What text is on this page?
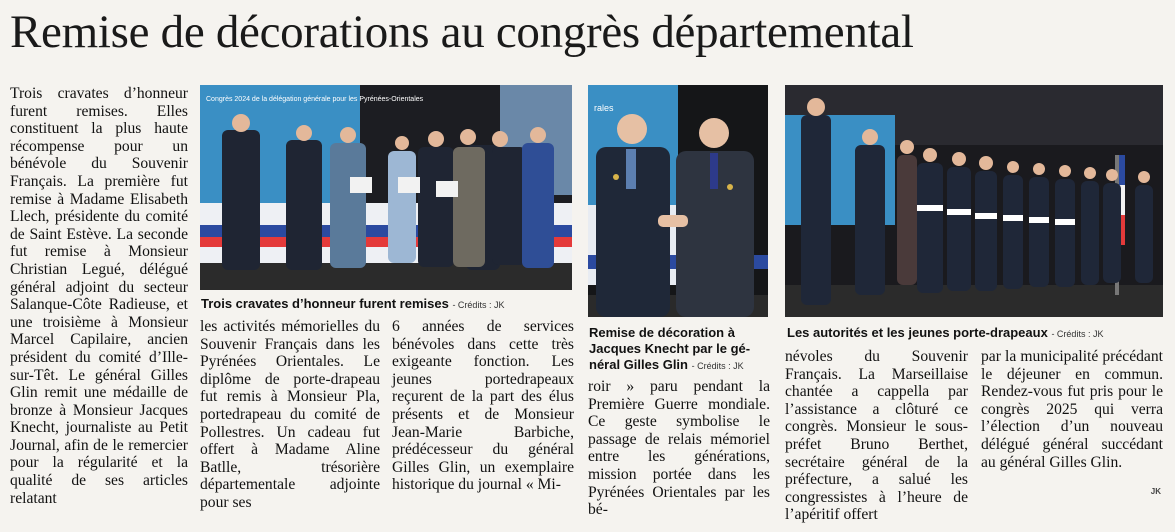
Remise de décorations au congrès départemental

Trois cravates d’honneur furent remises. Elles constituent la plus haute récompense pour un bénévole du Souvenir Français. La première fut remise à Madame Elisabeth Llech, présidente du comité de Saint Estève. La seconde fut remise à Monsieur Christian Legué, délégué général adjoint du secteur Salanque-Côte Radieuse, et une troisième à Monsieur Marcel Capilaire, ancien président du comité d’Ille-sur-Têt. Le général Gilles Glin remit une médaille de bronze à Monsieur Jacques Knecht, journaliste au Petit Journal, afin de le remercier pour la régularité et la qualité de ses articles relatant

Congrès 2024 de la délégation générale pour les Pyrénées-Orientales
Trois cravates d’honneur furent remises - Crédits : JK

les activités mémorielles du Souvenir Français dans les Pyrénées Orientales. Le diplôme de porte-drapeau fut remis à Monsieur Pla, portedrapeau du comité de Pollestres. Un cadeau fut offert à Madame Aline Batlle, trésorière départementale adjointe pour ses

6 années de services bénévoles dans cette très exigeante fonction. Les jeunes portedrapeaux reçurent de la part des élus présents et de Monsieur Jean-Marie Barbiche, prédécesseur du général Gilles Glin, un exemplaire historique du journal « Mi-

rales
Remise de décoration à
Jacques Knecht par le gé-
néral Gilles Glin - Crédits : JK

roir » paru pendant la Première Guerre mondiale. Ce geste symbolise le passage de relais mémoriel entre les générations, mission portée dans les Pyrénées Orientales par les bé-

Les autorités et les jeunes porte-drapeaux - Crédits : JK

névoles du Souvenir Français. La Marseillaise chantée a cappella par l’assistance a clôturé ce congrès. Monsieur le sous-préfet Bruno Berthet, secrétaire général de la préfecture, a salué les congressistes à l’heure de l’apéritif offert

par la municipalité précédant le déjeuner en commun. Rendez-vous fut pris pour le congrès 2025 qui verra l’élection d’un nouveau délégué général succédant au général Gilles Glin.

JK
